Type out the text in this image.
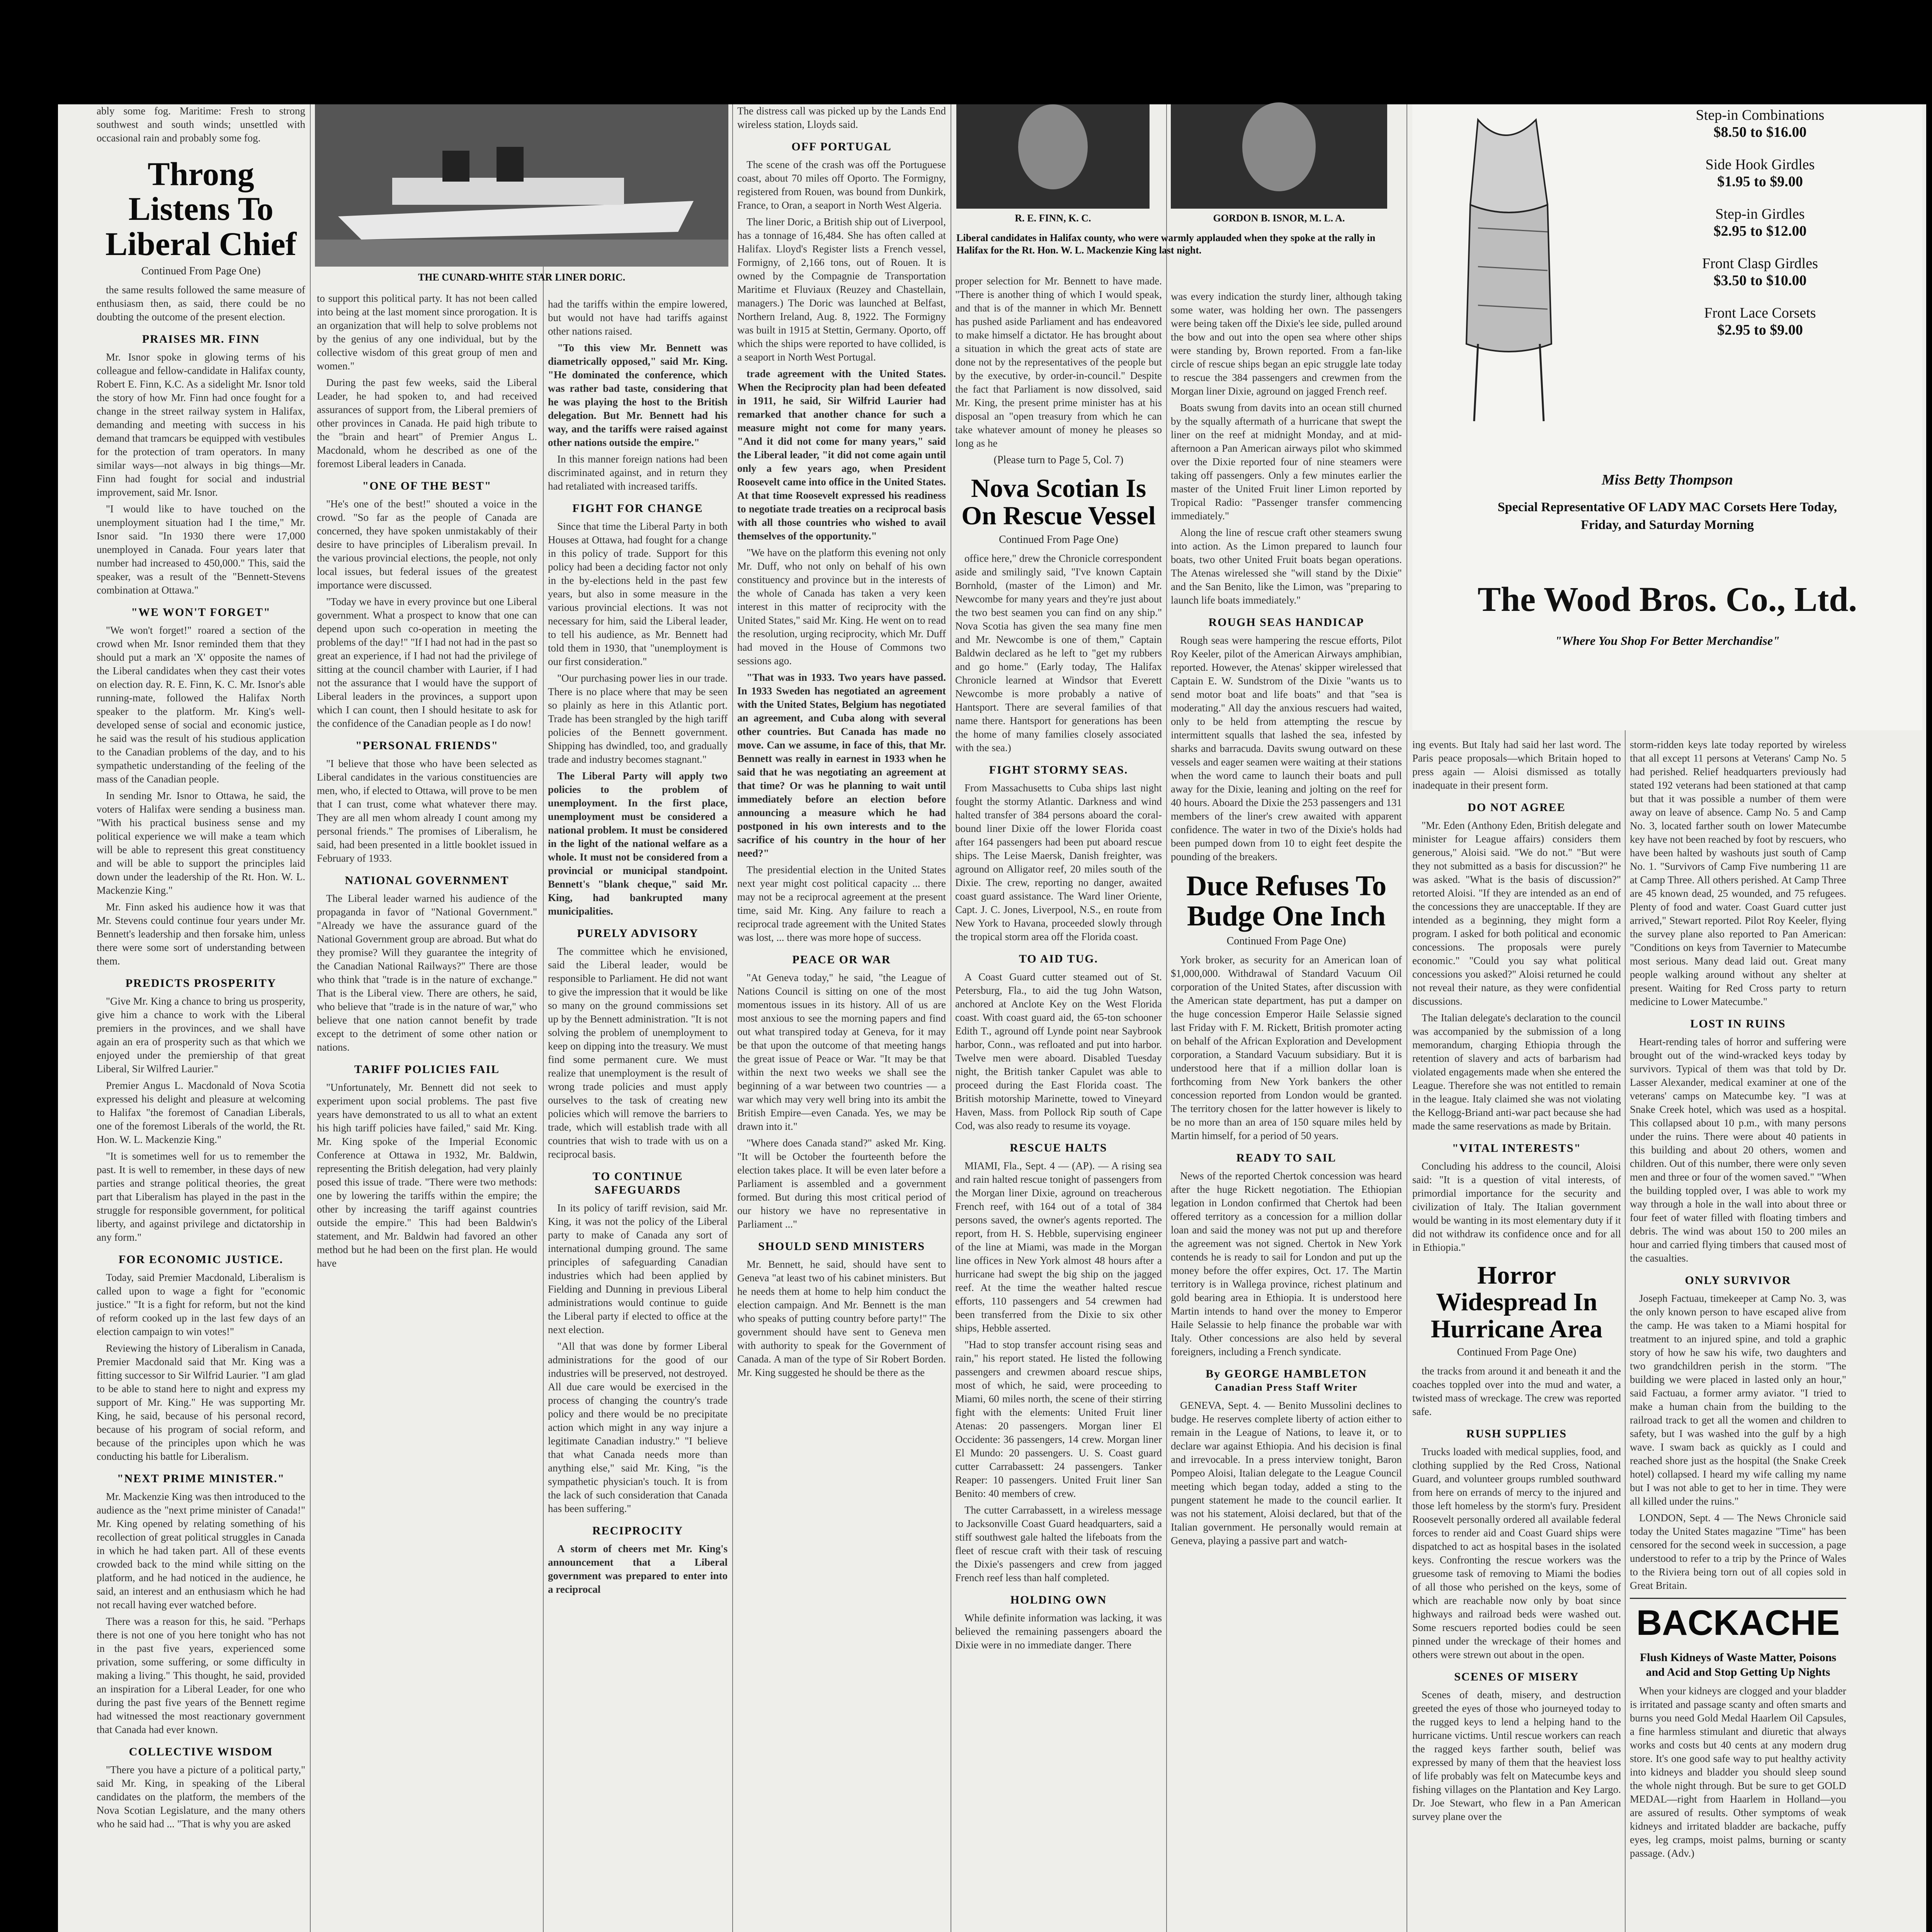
ably some fog. Maritime: Fresh to strong southwest and south winds; unsettled with occasional rain and probably some fog.

Throng Listens To Liberal Chief
Continued From Page One)

the same results followed the same measure of enthusiasm then, as said, there could be no doubting the outcome of the present election.

PRAISES MR. FINN

Mr. Isnor spoke in glowing terms of his colleague and fellow-candidate in Halifax county, Robert E. Finn, K.C. As a sidelight Mr. Isnor told the story of how Mr. Finn had once fought for a change in the street railway system in Halifax, demanding and meeting with success in his demand that tramcars be equipped with vestibules for the protection of tram operators. In many similar ways—not always in big things—Mr. Finn had fought for social and industrial improvement, said Mr. Isnor.

"I would like to have touched on the unemployment situation had I the time," Mr. Isnor said. "In 1930 there were 17,000 unemployed in Canada. Four years later that number had increased to 450,000." This, said the speaker, was a result of the "Bennett-Stevens combination at Ottawa."

"WE WON'T FORGET"

"We won't forget!" roared a section of the crowd when Mr. Isnor reminded them that they should put a mark an 'X' opposite the names of the Liberal candidates when they cast their votes on election day. R. E. Finn, K. C. Mr. Isnor's able running-mate, followed the Halifax North speaker to the platform. Mr. King's well-developed sense of social and economic justice, he said was the result of his studious application to the Canadian problems of the day, and to his sympathetic understanding of the feeling of the mass of the Canadian people.

In sending Mr. Isnor to Ottawa, he said, the voters of Halifax were sending a business man. "With his practical business sense and my political experience we will make a team which will be able to represent this great constituency and will be able to support the principles laid down under the leadership of the Rt. Hon. W. L. Mackenzie King."

Mr. Finn asked his audience how it was that Mr. Stevens could continue four years under Mr. Bennett's leadership and then forsake him, unless there were some sort of understanding between them.

PREDICTS PROSPERITY

"Give Mr. King a chance to bring us prosperity, give him a chance to work with the Liberal premiers in the provinces, and we shall have again an era of prosperity such as that which we enjoyed under the premiership of that great Liberal, Sir Wilfred Laurier."

Premier Angus L. Macdonald of Nova Scotia expressed his delight and pleasure at welcoming to Halifax "the foremost of Canadian Liberals, one of the foremost Liberals of the world, the Rt. Hon. W. L. Mackenzie King."

"It is sometimes well for us to remember the past. It is well to remember, in these days of new parties and strange political theories, the great part that Liberalism has played in the past in the struggle for responsible government, for political liberty, and against privilege and dictatorship in any form."

FOR ECONOMIC JUSTICE.

Today, said Premier Macdonald, Liberalism is called upon to wage a fight for "economic justice." "It is a fight for reform, but not the kind of reform cooked up in the last few days of an election campaign to win votes!"

Reviewing the history of Liberalism in Canada, Premier Macdonald said that Mr. King was a fitting successor to Sir Wilfrid Laurier. "I am glad to be able to stand here to night and express my support of Mr. King." He was supporting Mr. King, he said, because of his personal record, because of his program of social reform, and because of the principles upon which he was conducting his battle for Liberalism.

"NEXT PRIME MINISTER."

Mr. Mackenzie King was then introduced to the audience as the "next prime minister of Canada!" Mr. King opened by relating something of his recollection of great political struggles in Canada in which he had taken part. All of these events crowded back to the mind while sitting on the platform, and he had noticed in the audience, he said, an interest and an enthusiasm which he had not recall having ever watched before.

There was a reason for this, he said. "Perhaps there is not one of you here tonight who has not in the past five years, experienced some privation, some suffering, or some difficulty in making a living." This thought, he said, provided an inspiration for a Liberal Leader, for one who during the past five years of the Bennett regime had witnessed the most reactionary government that Canada had ever known.

COLLECTIVE WISDOM

"There you have a picture of a political party," said Mr. King, in speaking of the Liberal candidates on the platform, the members of the Nova Scotian Legislature, and the many others who he said had ... "That is why you are asked

THE CUNARD-WHITE STAR LINER DORIC.

to support this political party. It has not been called into being at the last moment since prorogation. It is an organization that will help to solve problems not by the genius of any one individual, but by the collective wisdom of this great group of men and women."

During the past few weeks, said the Liberal Leader, he had spoken to, and had received assurances of support from, the Liberal premiers of other provinces in Canada. He paid high tribute to the "brain and heart" of Premier Angus L. Macdonald, whom he described as one of the foremost Liberal leaders in Canada.

"ONE OF THE BEST"

"He's one of the best!" shouted a voice in the crowd. "So far as the people of Canada are concerned, they have spoken unmistakably of their desire to have principles of Liberalism prevail. In the various provincial elections, the people, not only local issues, but federal issues of the greatest importance were discussed.

"Today we have in every province but one Liberal government. What a prospect to know that one can depend upon such co-operation in meeting the problems of the day!" "If I had not had in the past so great an experience, if I had not had the privilege of sitting at the council chamber with Laurier, if I had not the assurance that I would have the support of Liberal leaders in the provinces, a support upon which I can count, then I should hesitate to ask for the confidence of the Canadian people as I do now!

"PERSONAL FRIENDS"

"I believe that those who have been selected as Liberal candidates in the various constituencies are men, who, if elected to Ottawa, will prove to be men that I can trust, come what whatever there may. They are all men whom already I count among my personal friends." The promises of Liberalism, he said, had been presented in a little booklet issued in February of 1933.

NATIONAL GOVERNMENT

The Liberal leader warned his audience of the propaganda in favor of "National Government." "Already we have the assurance guard of the National Government group are abroad. But what do they promise? Will they guarantee the integrity of the Canadian National Railways?" There are those who think that "trade is in the nature of exchange." That is the Liberal view. There are others, he said, who believe that "trade is in the nature of war," who believe that one nation cannot benefit by trade except to the detriment of some other nation or nations.

TARIFF POLICIES FAIL

"Unfortunately, Mr. Bennett did not seek to experiment upon social problems. The past five years have demonstrated to us all to what an extent his high tariff policies have failed," said Mr. King. Mr. King spoke of the Imperial Economic Conference at Ottawa in 1932, Mr. Baldwin, representing the British delegation, had very plainly posed this issue of trade. "There were two methods: one by lowering the tariffs within the empire; the other by increasing the tariff against countries outside the empire." This had been Baldwin's statement, and Mr. Baldwin had favored an other method but he had been on the first plan. He would have

had the tariffs within the empire lowered, but would not have had tariffs against other nations raised.

"To this view Mr. Bennett was diametrically opposed," said Mr. King. "He dominated the conference, which was rather bad taste, considering that he was playing the host to the British delegation. But Mr. Bennett had his way, and the tariffs were raised against other nations outside the empire."

In this manner foreign nations had been discriminated against, and in return they had retaliated with increased tariffs.

FIGHT FOR CHANGE

Since that time the Liberal Party in both Houses at Ottawa, had fought for a change in this policy of trade. Support for this policy had been a deciding factor not only in the by-elections held in the past few years, but also in some measure in the various provincial elections. It was not necessary for him, said the Liberal leader, to tell his audience, as Mr. Bennett had told them in 1930, that "unemployment is our first consideration."

"Our purchasing power lies in our trade. There is no place where that may be seen so plainly as here in this Atlantic port. Trade has been strangled by the high tariff policies of the Bennett government. Shipping has dwindled, too, and gradually trade and industry becomes stagnant."

The Liberal Party will apply two policies to the problem of unemployment. In the first place, unemployment must be considered a national problem. It must be considered in the light of the national welfare as a whole. It must not be considered from a provincial or municipal standpoint. Bennett's "blank cheque," said Mr. King, had bankrupted many municipalities.

PURELY ADVISORY

The committee which he envisioned, said the Liberal leader, would be responsible to Parliament. He did not want to give the impression that it would be like so many on the ground commissions set up by the Bennett administration. "It is not solving the problem of unemployment to keep on dipping into the treasury. We must find some permanent cure. We must realize that unemployment is the result of wrong trade policies and must apply ourselves to the task of creating new policies which will remove the barriers to trade, which will establish trade with all countries that wish to trade with us on a reciprocal basis.

TO CONTINUE SAFEGUARDS

In its policy of tariff revision, said Mr. King, it was not the policy of the Liberal party to make of Canada any sort of international dumping ground. The same principles of safeguarding Canadian industries which had been applied by Fielding and Dunning in previous Liberal administrations would continue to guide the Liberal party if elected to office at the next election.

"All that was done by former Liberal administrations for the good of our industries will be preserved, not destroyed. All due care would be exercised in the process of changing the country's trade policy and there would be no precipitate action which might in any way injure a legitimate Canadian industry." "I believe that what Canada needs more than anything else," said Mr. King, "is the sympathetic physician's touch. It is from the lack of such consideration that Canada has been suffering."

RECIPROCITY

A storm of cheers met Mr. King's announcement that a Liberal government was prepared to enter into a reciprocal

The distress call was picked up by the Lands End wireless station, Lloyds said.

OFF PORTUGAL

The scene of the crash was off the Portuguese coast, about 70 miles off Oporto. The Formigny, registered from Rouen, was bound from Dunkirk, France, to Oran, a seaport in North West Algeria.

The liner Doric, a British ship out of Liverpool, has a tonnage of 16,484. She has often called at Halifax. Lloyd's Register lists a French vessel, Formigny, of 2,166 tons, out of Rouen. It is owned by the Compagnie de Transportation Maritime et Fluviaux (Reuzey and Chastellain, managers.) The Doric was launched at Belfast, Northern Ireland, Aug. 8, 1922. The Formigny was built in 1915 at Stettin, Germany. Oporto, off which the ships were reported to have collided, is a seaport in North West Portugal.

trade agreement with the United States. When the Reciprocity plan had been defeated in 1911, he said, Sir Wilfrid Laurier had remarked that another chance for such a measure might not come for many years. "And it did not come for many years," said the Liberal leader, "it did not come again until only a few years ago, when President Roosevelt came into office in the United States. At that time Roosevelt expressed his readiness to negotiate trade treaties on a reciprocal basis with all those countries who wished to avail themselves of the opportunity."

"We have on the platform this evening not only Mr. Duff, who not only on behalf of his own constituency and province but in the interests of the whole of Canada has taken a very keen interest in this matter of reciprocity with the United States," said Mr. King. He went on to read the resolution, urging reciprocity, which Mr. Duff had moved in the House of Commons two sessions ago.

"That was in 1933. Two years have passed. In 1933 Sweden has negotiated an agreement with the United States, Belgium has negotiated an agreement, and Cuba along with several other countries. But Canada has made no move. Can we assume, in face of this, that Mr. Bennett was really in earnest in 1933 when he said that he was negotiating an agreement at that time? Or was he planning to wait until immediately before an election before announcing a measure which he had postponed in his own interests and to the sacrifice of his country in the hour of her need?"

The presidential election in the United States next year might cost political capacity ... there may not be a reciprocal agreement at the present time, said Mr. King. Any failure to reach a reciprocal trade agreement with the United States was lost, ... there was more hope of success.

PEACE OR WAR

"At Geneva today," he said, "the League of Nations Council is sitting on one of the most momentous issues in its history. All of us are most anxious to see the morning papers and find out what transpired today at Geneva, for it may be that upon the outcome of that meeting hangs the great issue of Peace or War. "It may be that within the next two weeks we shall see the beginning of a war between two countries — a war which may very well bring into its ambit the British Empire—even Canada. Yes, we may be drawn into it."

"Where does Canada stand?" asked Mr. King. "It will be October the fourteenth before the election takes place. It will be even later before a Parliament is assembled and a government formed. But during this most critical period of our history we have no representative in Parliament ..."

SHOULD SEND MINISTERS

Mr. Bennett, he said, should have sent to Geneva "at least two of his cabinet ministers. But he needs them at home to help him conduct the election campaign. And Mr. Bennett is the man who speaks of putting country before party!" The government should have sent to Geneva men with authority to speak for the Government of Canada. A man of the type of Sir Robert Borden. Mr. King suggested he should be there as the

R. E. FINN, K. C.	GORDON B. ISNOR, M. L. A.
Liberal candidates in Halifax county, who were warmly applauded when they spoke at the rally in Halifax for the Rt. Hon. W. L. Mackenzie King last night.

proper selection for Mr. Bennett to have made. "There is another thing of which I would speak, and that is of the manner in which Mr. Bennett has pushed aside Parliament and has endeavored to make himself a dictator. He has brought about a situation in which the great acts of state are done not by the representatives of the people but by the executive, by order-in-council." Despite the fact that Parliament is now dissolved, said Mr. King, the present prime minister has at his disposal an "open treasury from which he can take whatever amount of money he pleases so long as he

(Please turn to Page 5, Col. 7)
Nova Scotian Is On Rescue Vessel
Continued From Page One)

office here," drew the Chronicle correspondent aside and smilingly said, "I've known Captain Bornhold, (master of the Limon) and Mr. Newcombe for many years and they're just about the two best seamen you can find on any ship." Nova Scotia has given the sea many fine men and Mr. Newcombe is one of them," Captain Baldwin declared as he left to "get my rubbers and go home." (Early today, The Halifax Chronicle learned at Windsor that Everett Newcombe is more probably a native of Hantsport. There are several families of that name there. Hantsport for generations has been the home of many families closely associated with the sea.)

FIGHT STORMY SEAS.

From Massachusetts to Cuba ships last night fought the stormy Atlantic. Darkness and wind halted transfer of 384 persons aboard the coral-bound liner Dixie off the lower Florida coast after 164 passengers had been put aboard rescue ships. The Leise Maersk, Danish freighter, was aground on Alligator reef, 20 miles south of the Dixie. The crew, reporting no danger, awaited coast guard assistance. The Ward liner Oriente, Capt. J. C. Jones, Liverpool, N.S., en route from New York to Havana, proceeded slowly through the tropical storm area off the Florida coast.

TO AID TUG.

A Coast Guard cutter steamed out of St. Petersburg, Fla., to aid the tug John Watson, anchored at Anclote Key on the West Florida coast. With coast guard aid, the 65-ton schooner Edith T., aground off Lynde point near Saybrook harbor, Conn., was refloated and put into harbor. Twelve men were aboard. Disabled Tuesday night, the British tanker Capulet was able to proceed during the East Florida coast. The British motorship Marinette, towed to Vineyard Haven, Mass. from Pollock Rip south of Cape Cod, was also ready to resume its voyage.

RESCUE HALTS

MIAMI, Fla., Sept. 4 — (AP). — A rising sea and rain halted rescue tonight of passengers from the Morgan liner Dixie, aground on treacherous French reef, with 164 out of a total of 384 persons saved, the owner's agents reported. The report, from H. S. Hebble, supervising engineer of the line at Miami, was made in the Morgan line offices in New York almost 48 hours after a hurricane had swept the big ship on the jagged reef. At the time the weather halted rescue efforts, 110 passengers and 54 crewmen had been transferred from the Dixie to six other ships, Hebble asserted.

"Had to stop transfer account rising seas and rain," his report stated. He listed the following passengers and crewmen aboard rescue ships, most of which, he said, were proceeding to Miami, 60 miles north, the scene of their stirring fight with the elements: United Fruit liner Atenas: 20 passengers. Morgan liner El Occidente: 36 passengers, 14 crew. Morgan liner El Mundo: 20 passengers. U. S. Coast guard cutter Carrabassett: 24 passengers. Tanker Reaper: 10 passengers. United Fruit liner San Benito: 40 members of crew.

The cutter Carrabassett, in a wireless message to Jacksonville Coast Guard headquarters, said a stiff southwest gale halted the lifeboats from the fleet of rescue craft with their task of rescuing the Dixie's passengers and crew from jagged French reef less than half completed.

HOLDING OWN

While definite information was lacking, it was believed the remaining passengers aboard the Dixie were in no immediate danger. There

was every indication the sturdy liner, although taking some water, was holding her own. The passengers were being taken off the Dixie's lee side, pulled around the bow and out into the open sea where other ships were standing by, Brown reported. From a fan-like circle of rescue ships began an epic struggle late today to rescue the 384 passengers and crewmen from the Morgan liner Dixie, aground on jagged French reef.

Boats swung from davits into an ocean still churned by the squally aftermath of a hurricane that swept the liner on the reef at midnight Monday, and at mid-afternoon a Pan American airways pilot who skimmed over the Dixie reported four of nine steamers were taking off passengers. Only a few minutes earlier the master of the United Fruit liner Limon reported by Tropical Radio: "Passenger transfer commencing immediately."

Along the line of rescue craft other steamers swung into action. As the Limon prepared to launch four boats, two other United Fruit boats began operations. The Atenas wirelessed she "will stand by the Dixie" and the San Benito, like the Limon, was "preparing to launch life boats immediately."

ROUGH SEAS HANDICAP

Rough seas were hampering the rescue efforts, Pilot Roy Keeler, pilot of the American Airways amphibian, reported. However, the Atenas' skipper wirelessed that Captain E. W. Sundstrom of the Dixie "wants us to send motor boat and life boats" and that "sea is moderating." All day the anxious rescuers had waited, only to be held from attempting the rescue by intermittent squalls that lashed the sea, infested by sharks and barracuda. Davits swung outward on these vessels and eager seamen were waiting at their stations when the word came to launch their boats and pull away for the Dixie, leaning and jolting on the reef for 40 hours. Aboard the Dixie the 253 passengers and 131 members of the liner's crew awaited with apparent confidence. The water in two of the Dixie's holds had been pumped down from 10 to eight feet despite the pounding of the breakers.

Duce Refuses To Budge One Inch
Continued From Page One)

York broker, as security for an American loan of $1,000,000. Withdrawal of Standard Vacuum Oil corporation of the United States, after discussion with the American state department, has put a damper on the huge concession Emperor Haile Selassie signed last Friday with F. M. Rickett, British promoter acting on behalf of the African Exploration and Development corporation, a Standard Vacuum subsidiary. But it is understood here that if a million dollar loan is forthcoming from New York bankers the other concession reported from London would be granted. The territory chosen for the latter however is likely to be no more than an area of 150 square miles held by Martin himself, for a period of 50 years.

READY TO SAIL

News of the reported Chertok concession was heard after the huge Rickett negotiation. The Ethiopian legation in London confirmed that Chertok had been offered territory as a concession for a million dollar loan and said the money was not put up and therefore the agreement was not signed. Chertok in New York contends he is ready to sail for London and put up the money before the offer expires, Oct. 17. The Martin territory is in Wallega province, richest platinum and gold bearing area in Ethiopia. It is understood here Martin intends to hand over the money to Emperor Haile Selassie to help finance the probable war with Italy. Other concessions are also held by several foreigners, including a French syndicate.

By GEORGE HAMBLETON
Canadian Press Staff Writer

GENEVA, Sept. 4. — Benito Mussolini declines to budge. He reserves complete liberty of action either to remain in the League of Nations, to leave it, or to declare war against Ethiopia. And his decision is final and irrevocable. In a press interview tonight, Baron Pompeo Aloisi, Italian delegate to the League Council meeting which began today, added a sting to the pungent statement he made to the council earlier. It was not his statement, Aloisi declared, but that of the Italian government. He personally would remain at Geneva, playing a passive part and watch-

Step-in Combinations
$8.50 to $16.00
Side Hook Girdles
$1.95 to $9.00
Step-in Girdles
$2.95 to $12.00
Front Clasp Girdles
$3.50 to $10.00
Front Lace Corsets
$2.95 to $9.00
Miss Betty Thompson
Special Representative OF LADY MAC Corsets Here Today, Friday, and Saturday Morning
The Wood Bros. Co., Ltd.
"Where You Shop For Better Merchandise"

ing events. But Italy had said her last word. The Paris peace proposals—which Britain hoped to press again — Aloisi dismissed as totally inadequate in their present form.

DO NOT AGREE

"Mr. Eden (Anthony Eden, British delegate and minister for League affairs) considers them generous," Aloisi said. "We do not." "But were they not submitted as a basis for discussion?" he was asked. "What is the basis of discussion?" retorted Aloisi. "If they are intended as an end of the concessions they are unacceptable. If they are intended as a beginning, they might form a program. I asked for both political and economic concessions. The proposals were purely economic." "Could you say what political concessions you asked?" Aloisi returned he could not reveal their nature, as they were confidential discussions.

The Italian delegate's declaration to the council was accompanied by the submission of a long memorandum, charging Ethiopia through the retention of slavery and acts of barbarism had violated engagements made when she entered the League. Therefore she was not entitled to remain in the league. Italy claimed she was not violating the Kellogg-Briand anti-war pact because she had made the same reservations as made by Britain.

"VITAL INTERESTS"

Concluding his address to the council, Aloisi said: "It is a question of vital interests, of primordial importance for the security and civilization of Italy. The Italian government would be wanting in its most elementary duty if it did not withdraw its confidence once and for all in Ethiopia."

Horror Widespread In Hurricane Area
Continued From Page One)

the tracks from around it and beneath it and the coaches toppled over into the mud and water, a twisted mass of wreckage. The crew was reported safe.

RUSH SUPPLIES

Trucks loaded with medical supplies, food, and clothing supplied by the Red Cross, National Guard, and volunteer groups rumbled southward from here on errands of mercy to the injured and those left homeless by the storm's fury. President Roosevelt personally ordered all available federal forces to render aid and Coast Guard ships were dispatched to act as hospital bases in the isolated keys. Confronting the rescue workers was the gruesome task of removing to Miami the bodies of all those who perished on the keys, some of which are reachable now only by boat since highways and railroad beds were washed out. Some rescuers reported bodies could be seen pinned under the wreckage of their homes and others were strewn out about in the open.

SCENES OF MISERY

Scenes of death, misery, and destruction greeted the eyes of those who journeyed today to the rugged keys to lend a helping hand to the hurricane victims. Until rescue workers can reach the ragged keys farther south, belief was expressed by many of them that the heaviest loss of life probably was felt on Matecumbe keys and fishing villages on the Plantation and Key Largo. Dr. Joe Stewart, who flew in a Pan American survey plane over the

storm-ridden keys late today reported by wireless that all except 11 persons at Veterans' Camp No. 5 had perished. Relief headquarters previously had stated 192 veterans had been stationed at that camp but that it was possible a number of them were away on leave of absence. Camp No. 5 and Camp No. 3, located farther south on lower Matecumbe key have not been reached by foot by rescuers, who have been halted by washouts just south of Camp No. 1. "Survivors of Camp Five numbering 11 are at Camp Three. All others perished. At Camp Three are 45 known dead, 25 wounded, and 75 refugees. Plenty of food and water. Coast Guard cutter just arrived," Stewart reported. Pilot Roy Keeler, flying the survey plane also reported to Pan American: "Conditions on keys from Tavernier to Matecumbe most serious. Many dead laid out. Great many people walking around without any shelter at present. Waiting for Red Cross party to return medicine to Lower Matecumbe."

LOST IN RUINS

Heart-rending tales of horror and suffering were brought out of the wind-wracked keys today by survivors. Typical of them was that told by Dr. Lasser Alexander, medical examiner at one of the veterans' camps on Matecumbe key. "I was at Snake Creek hotel, which was used as a hospital. This collapsed about 10 p.m., with many persons under the ruins. There were about 40 patients in this building and about 20 others, women and children. Out of this number, there were only seven men and three or four of the women saved." "When the building toppled over, I was able to work my way through a hole in the wall into about three or four feet of water filled with floating timbers and debris. The wind was about 150 to 200 miles an hour and carried flying timbers that caused most of the casualties.

ONLY SURVIVOR

Joseph Factuau, timekeeper at Camp No. 3, was the only known person to have escaped alive from the camp. He was taken to a Miami hospital for treatment to an injured spine, and told a graphic story of how he saw his wife, two daughters and two grandchildren perish in the storm. "The building we were placed in lasted only an hour," said Factuau, a former army aviator. "I tried to make a human chain from the building to the railroad track to get all the women and children to safety, but I was washed into the gulf by a high wave. I swam back as quickly as I could and reached shore just as the hospital (the Snake Creek hotel) collapsed. I heard my wife calling my name but I was not able to get to her in time. They were all killed under the ruins."

LONDON, Sept. 4 — The News Chronicle said today the United States magazine "Time" has been censored for the second week in succession, a page understood to refer to a trip by the Prince of Wales to the Riviera being torn out of all copies sold in Great Britain.

BACKACHE
Flush Kidneys of Waste Matter, Poisons and Acid and Stop Getting Up Nights

When your kidneys are clogged and your bladder is irritated and passage scanty and often smarts and burns you need Gold Medal Haarlem Oil Capsules, a fine harmless stimulant and diuretic that always works and costs but 40 cents at any modern drug store. It's one good safe way to put healthy activity into kidneys and bladder you should sleep sound the whole night through. But be sure to get GOLD MEDAL—right from Haarlem in Holland—you are assured of results. Other symptoms of weak kidneys and irritated bladder are backache, puffy eyes, leg cramps, moist palms, burning or scanty passage. (Adv.)
